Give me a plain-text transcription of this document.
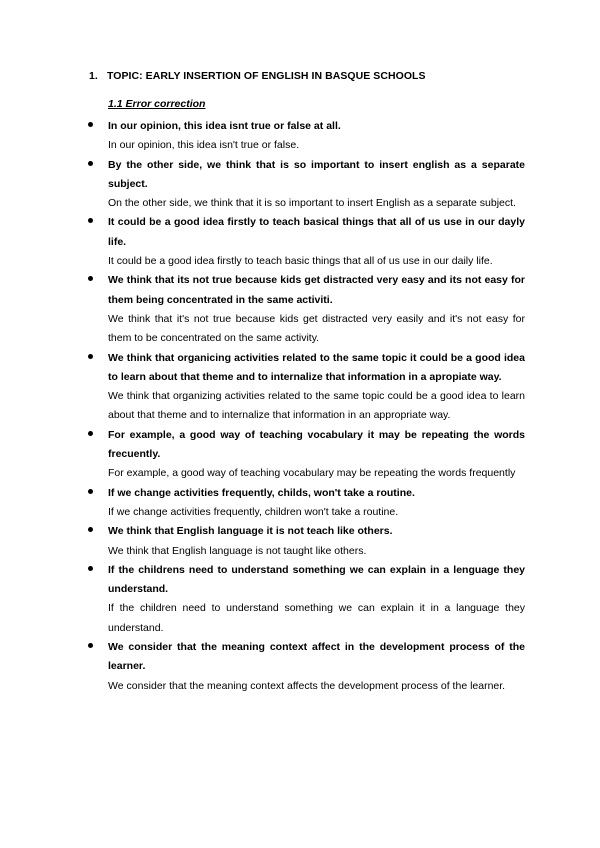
1. TOPIC: EARLY INSERTION OF ENGLISH IN BASQUE SCHOOLS
1.1 Error correction

In our opinion, this idea isnt true or false at all.

In our opinion, this idea isn't true or false.

By the other side, we think that is so important to insert english as a separate subject.

On the other side, we think that it is so important to insert English as a separate subject.

It could be a good idea firstly to teach basical things that all of us use in our dayly life.

It could be a good idea firstly to teach basic things that all of us use in our daily life.

We think that its not true because kids get distracted very easy and its not easy for them being concentrated in the same activiti.

We think that it's not true because kids get distracted very easily and it's not easy for them to be concentrated on the same activity.

We think that organicing activities related to the same topic it could be a good idea to learn about that theme and to internalize that information in a apropiate way.

We think that organizing activities related to the same topic could be a good idea to learn about that theme and to internalize that information in an appropriate way.

For example, a good way of teaching vocabulary it may be repeating the words frecuently.

For example, a good way of teaching vocabulary may be repeating the words frequently

If we change activities frequently, childs, won't take a routine.

If we change activities frequently, children won't take a routine.

We think that English language it is not teach like others.

We think that English language is not taught like others.

If the childrens need to understand something we can explain in a lenguage they understand.

If the children need to understand something we can explain it in a language they understand.

We consider that the meaning context affect in the development process of the learner.

We consider that the meaning context affects the development process of the learner.
